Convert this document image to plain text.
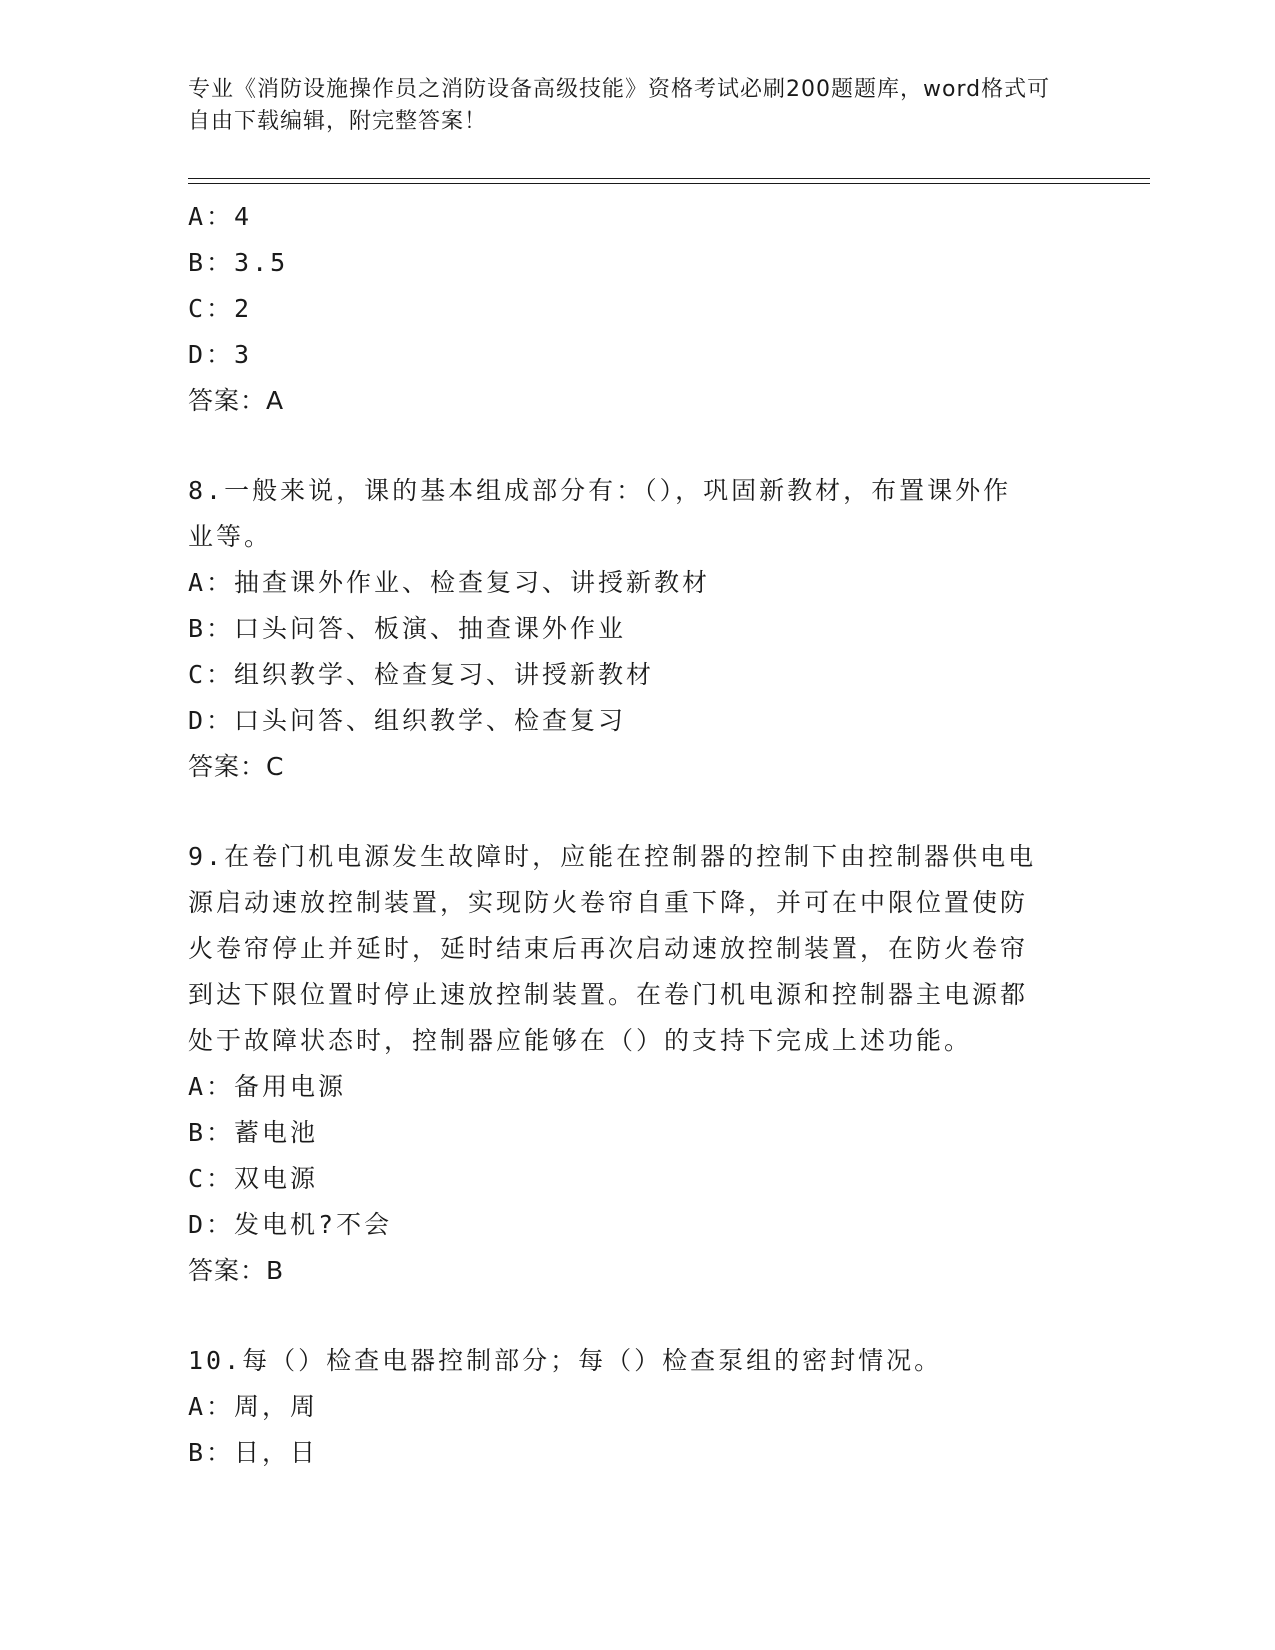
专业《消防设施操作员之消防设备高级技能》资格考试必刷200题题库，word格式可自由下载编辑，附完整答案！
A：4
B：3.5
C：2
D：3
答案：A
8.一般来说，课的基本组成部分有：（），巩固新教材，布置课外作
业等。
A：抽查课外作业、检查复习、讲授新教材
B：口头问答、板演、抽查课外作业
C：组织教学、检查复习、讲授新教材
D：口头问答、组织教学、检查复习
答案：C
9.在卷门机电源发生故障时，应能在控制器的控制下由控制器供电电
源启动速放控制装置，实现防火卷帘自重下降，并可在中限位置使防
火卷帘停止并延时，延时结束后再次启动速放控制装置，在防火卷帘
到达下限位置时停止速放控制装置。在卷门机电源和控制器主电源都
处于故障状态时，控制器应能够在（）的支持下完成上述功能。
A：备用电源
B：蓄电池
C：双电源
D：发电机?不会
答案：B
10.每（）检查电器控制部分；每（）检查泵组的密封情况。
A：周，周
B：日，日
